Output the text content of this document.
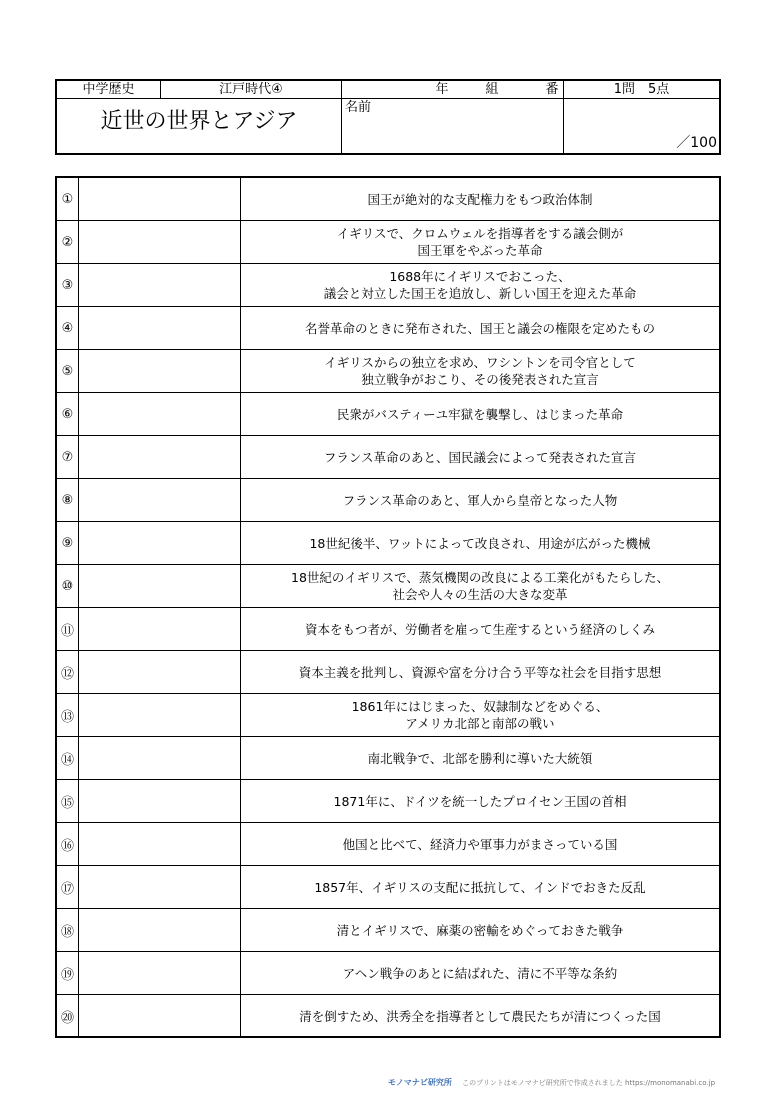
中学歴史	江戸時代④	年	組	番	1問　5点
近世の世界とアジア
名前
／100
①	国王が絶対的な支配権力をもつ政治体制
②
イギリスで、クロムウェルを指導者をする議会側が
国王軍をやぶった革命
③
1688年にイギリスでおこった、
議会と対立した国王を追放し、新しい国王を迎えた革命
④	名誉革命のときに発布された、国王と議会の権限を定めたもの
⑤
イギリスからの独立を求め、ワシントンを司令官として
独立戦争がおこり、その後発表された宣言
⑥	民衆がバスティーユ牢獄を襲撃し、はじまった革命
⑦	フランス革命のあと、国民議会によって発表された宣言
⑧	フランス革命のあと、軍人から皇帝となった人物
⑨	18世紀後半、ワットによって改良され、用途が広がった機械
⑩
18世紀のイギリスで、蒸気機関の改良による工業化がもたらした、
社会や人々の生活の大きな変革
⑪	資本をもつ者が、労働者を雇って生産するという経済のしくみ
⑫	資本主義を批判し、資源や富を分け合う平等な社会を目指す思想
⑬
1861年にはじまった、奴隷制などをめぐる、
アメリカ北部と南部の戦い
⑭	南北戦争で、北部を勝利に導いた大統領
⑮	1871年に、ドイツを統一したプロイセン王国の首相
⑯	他国と比べて、経済力や軍事力がまさっている国
⑰	1857年、イギリスの支配に抵抗して、インドでおきた反乱
⑱	清とイギリスで、麻薬の密輸をめぐっておきた戦争
⑲	アヘン戦争のあとに結ばれた、清に不平等な条約
⑳	清を倒すため、洪秀全を指導者として農民たちが清につくった国
モノマナビ研究所 このプリントはモノマナビ研究所で作成されました https://monomanabi.co.jp
